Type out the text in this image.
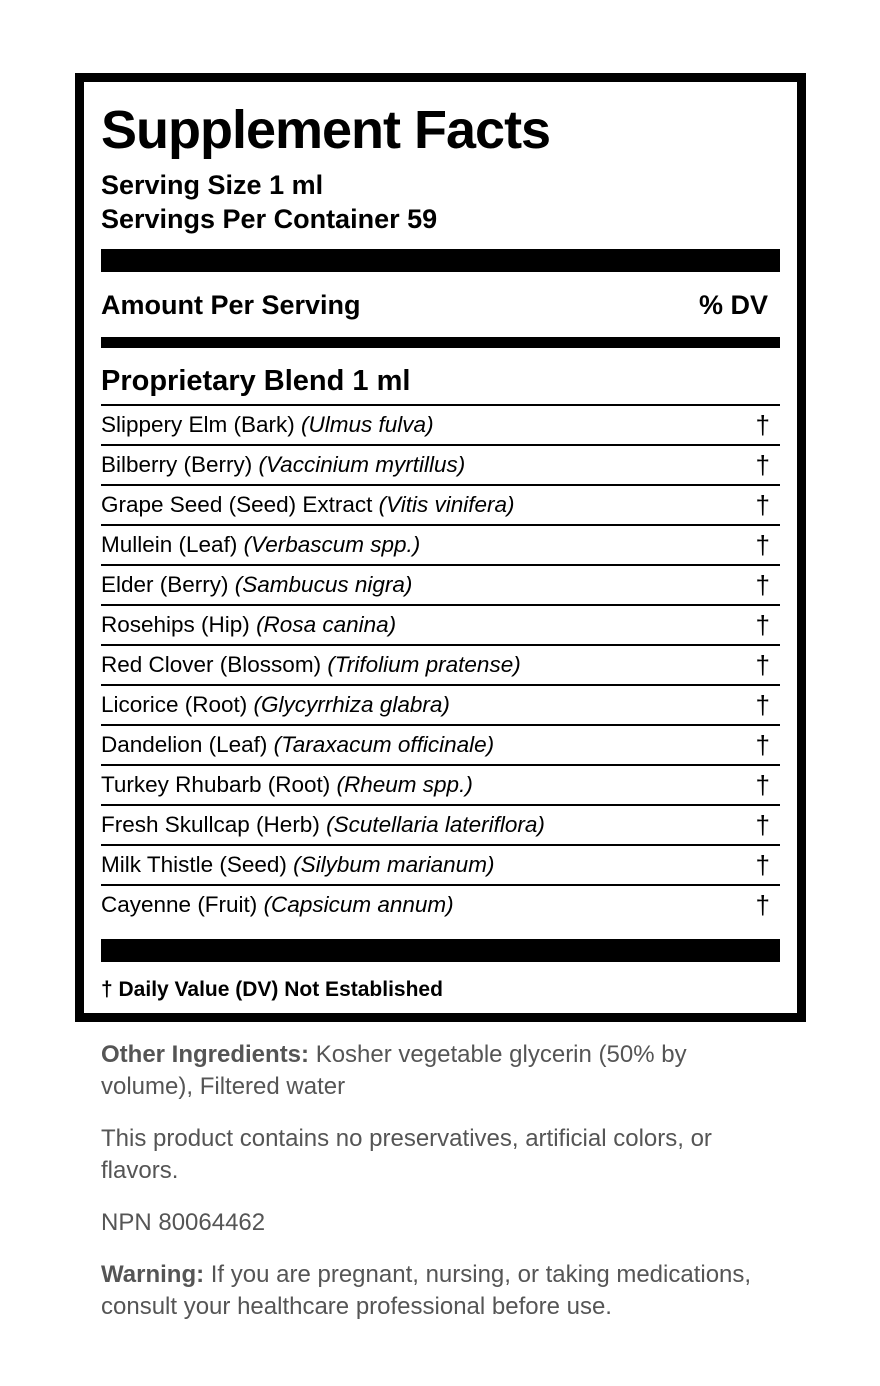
Supplement Facts
Serving Size 1 ml
Servings Per Container 59
Amount Per Serving	% DV
Proprietary Blend 1 ml
Slippery Elm (Bark) (Ulmus fulva)	†
Bilberry (Berry) (Vaccinium myrtillus)	†
Grape Seed (Seed) Extract (Vitis vinifera)	†
Mullein (Leaf) (Verbascum spp.)	†
Elder (Berry) (Sambucus nigra)	†
Rosehips (Hip) (Rosa canina)	†
Red Clover (Blossom) (Trifolium pratense)	†
Licorice (Root) (Glycyrrhiza glabra)	†
Dandelion (Leaf) (Taraxacum officinale)	†
Turkey Rhubarb (Root) (Rheum spp.)	†
Fresh Skullcap (Herb) (Scutellaria lateriflora)	†
Milk Thistle (Seed) (Silybum marianum)	†
Cayenne (Fruit) (Capsicum annum)	†
† Daily Value (DV) Not Established
Other Ingredients: Kosher vegetable glycerin (50% by volume), Filtered water
This product contains no preservatives, artificial colors, or flavors.
NPN 80064462
Warning: If you are pregnant, nursing, or taking medications, consult your healthcare professional before use.
